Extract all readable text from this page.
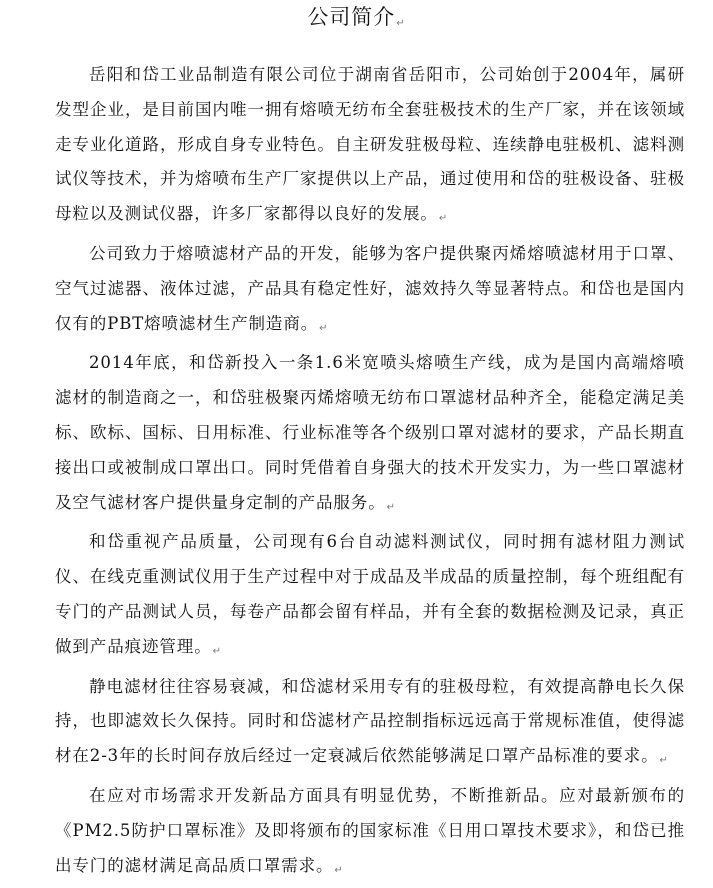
公司简介↵

岳阳和岱工业品制造有限公司位于湖南省岳阳市，公司始创于2004年，属研发型企业，是目前国内唯一拥有熔喷无纺布全套驻极技术的生产厂家，并在该领域走专业化道路，形成自身专业特色。自主研发驻极母粒、连续静电驻极机、滤料测试仪等技术，并为熔喷布生产厂家提供以上产品，通过使用和岱的驻极设备、驻极母粒以及测试仪器，许多厂家都得以良好的发展。↵

公司致力于熔喷滤材产品的开发，能够为客户提供聚丙烯熔喷滤材用于口罩、空气过滤器、液体过滤，产品具有稳定性好，滤效持久等显著特点。和岱也是国内仅有的PBT熔喷滤材生产制造商。↵

2014年底，和岱新投入一条1.6米宽喷头熔喷生产线，成为是国内高端熔喷滤材的制造商之一，和岱驻极聚丙烯熔喷无纺布口罩滤材品种齐全，能稳定满足美标、欧标、国标、日用标准、行业标准等各个级别口罩对滤材的要求，产品长期直接出口或被制成口罩出口。同时凭借着自身强大的技术开发实力，为一些口罩滤材及空气滤材客户提供量身定制的产品服务。↵

和岱重视产品质量，公司现有6台自动滤料测试仪，同时拥有滤材阻力测试仪、在线克重测试仪用于生产过程中对于成品及半成品的质量控制，每个班组配有专门的产品测试人员，每卷产品都会留有样品，并有全套的数据检测及记录，真正做到产品痕迹管理。↵

静电滤材往往容易衰减，和岱滤材采用专有的驻极母粒，有效提高静电长久保持，也即滤效长久保持。同时和岱滤材产品控制指标远远高于常规标准值，使得滤材在2-3年的长时间存放后经过一定衰减后依然能够满足口罩产品标准的要求。↵

在应对市场需求开发新品方面具有明显优势，不断推新品。应对最新颁布的《PM2.5防护口罩标准》及即将颁布的国家标准《日用口罩技术要求》，和岱已推出专门的滤材满足高品质口罩需求。↵
